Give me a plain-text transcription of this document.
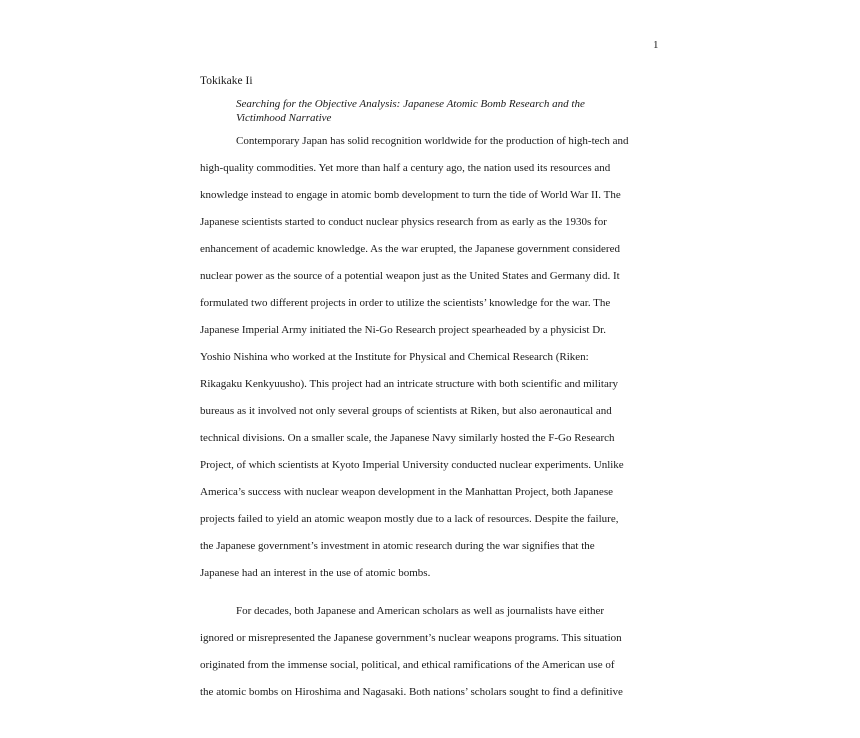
1
Tokikake Ii
Searching for the Objective Analysis: Japanese Atomic Bomb Research and the
Victimhood Narrative
Contemporary Japan has solid recognition worldwide for the production of high-tech and
high-quality commodities. Yet more than half a century ago, the nation used its resources and
knowledge instead to engage in atomic bomb development to turn the tide of World War II. The
Japanese scientists started to conduct nuclear physics research from as early as the 1930s for
enhancement of academic knowledge. As the war erupted, the Japanese government considered
nuclear power as the source of a potential weapon just as the United States and Germany did. It
formulated two different projects in order to utilize the scientists’ knowledge for the war. The
Japanese Imperial Army initiated the Ni-Go Research project spearheaded by a physicist Dr.
Yoshio Nishina who worked at the Institute for Physical and Chemical Research (Riken:
Rikagaku Kenkyuusho). This project had an intricate structure with both scientific and military
bureaus as it involved not only several groups of scientists at Riken, but also aeronautical and
technical divisions. On a smaller scale, the Japanese Navy similarly hosted the F-Go Research
Project, of which scientists at Kyoto Imperial University conducted nuclear experiments. Unlike
America’s success with nuclear weapon development in the Manhattan Project, both Japanese
projects failed to yield an atomic weapon mostly due to a lack of resources. Despite the failure,
the Japanese government’s investment in atomic research during the war signifies that the
Japanese had an interest in the use of atomic bombs.
For decades, both Japanese and American scholars as well as journalists have either
ignored or misrepresented the Japanese government’s nuclear weapons programs. This situation
originated from the immense social, political, and ethical ramifications of the American use of
the atomic bombs on Hiroshima and Nagasaki. Both nations’ scholars sought to find a definitive
